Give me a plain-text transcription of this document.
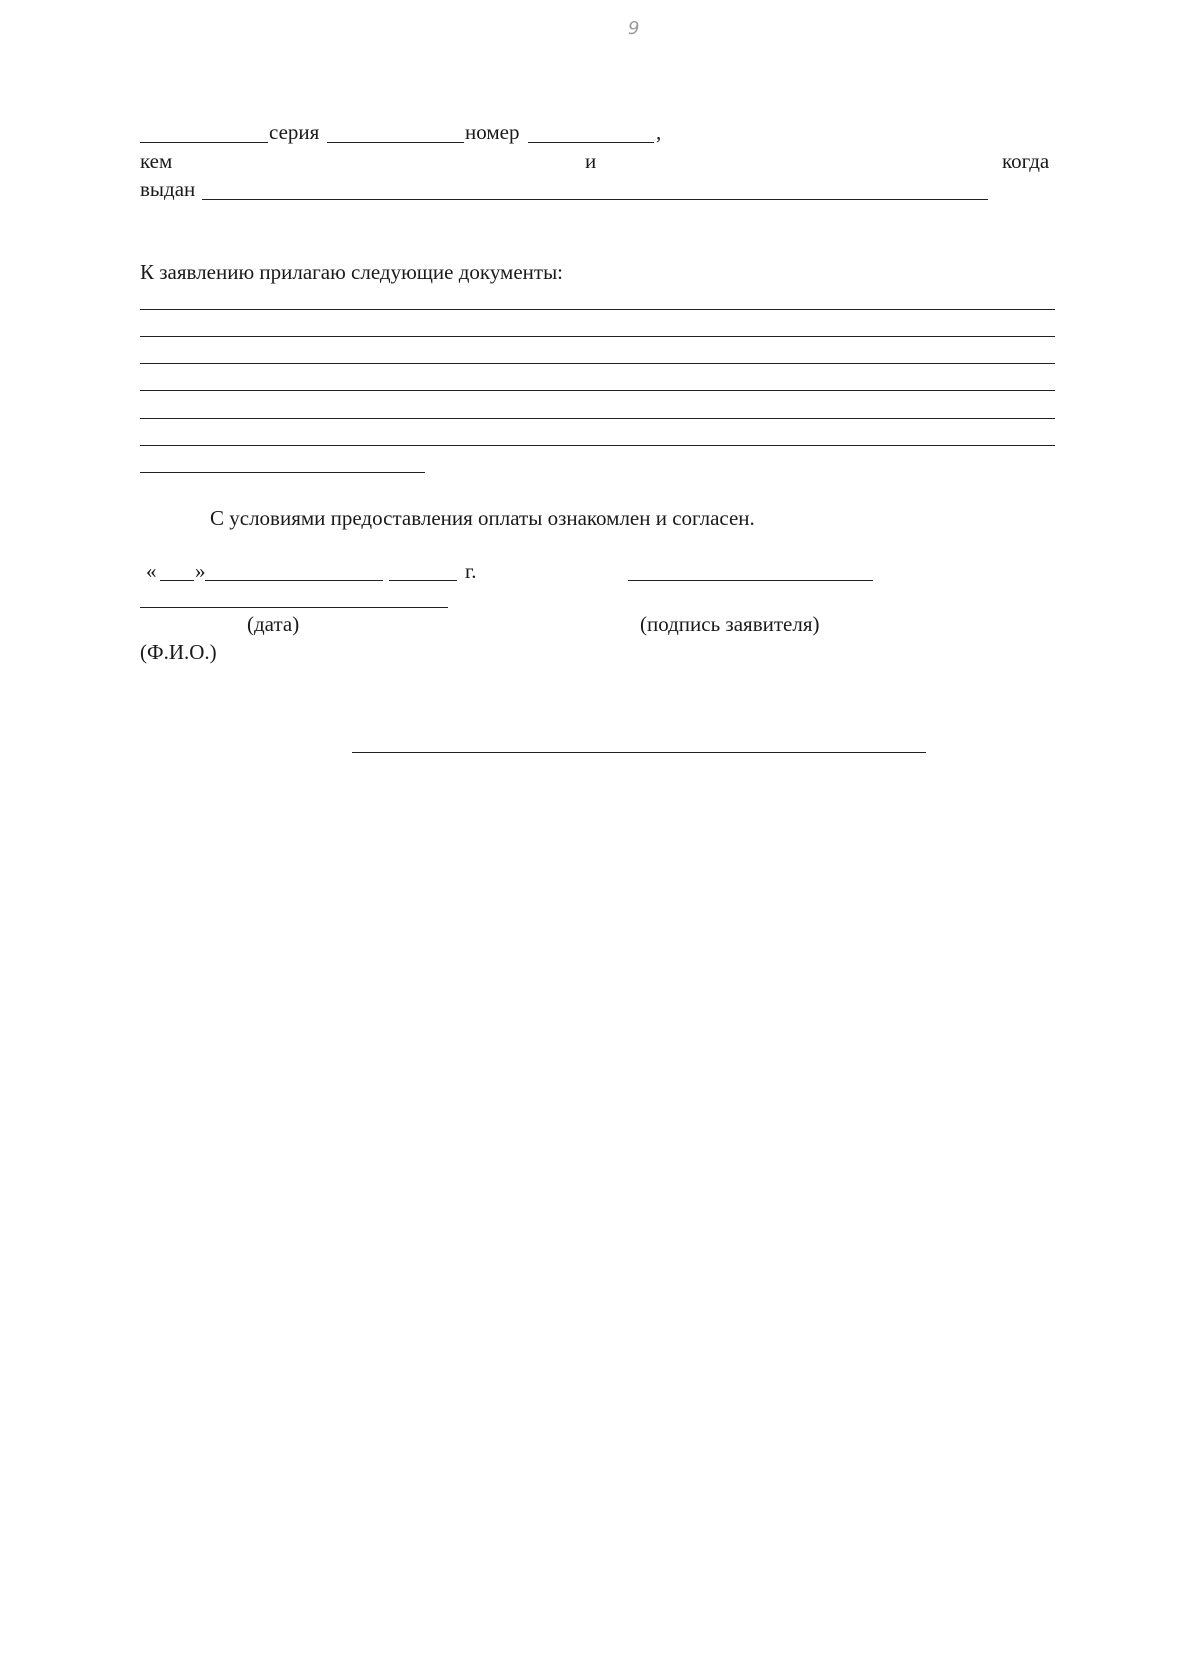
9
серия	номер	,
кем	и	когда
выдан
К заявлению прилагаю следующие документы:
С условиями предоставления оплаты ознакомлен и согласен.
« »	г.
(дата)	(подпись заявителя)
(Ф.И.О.)
